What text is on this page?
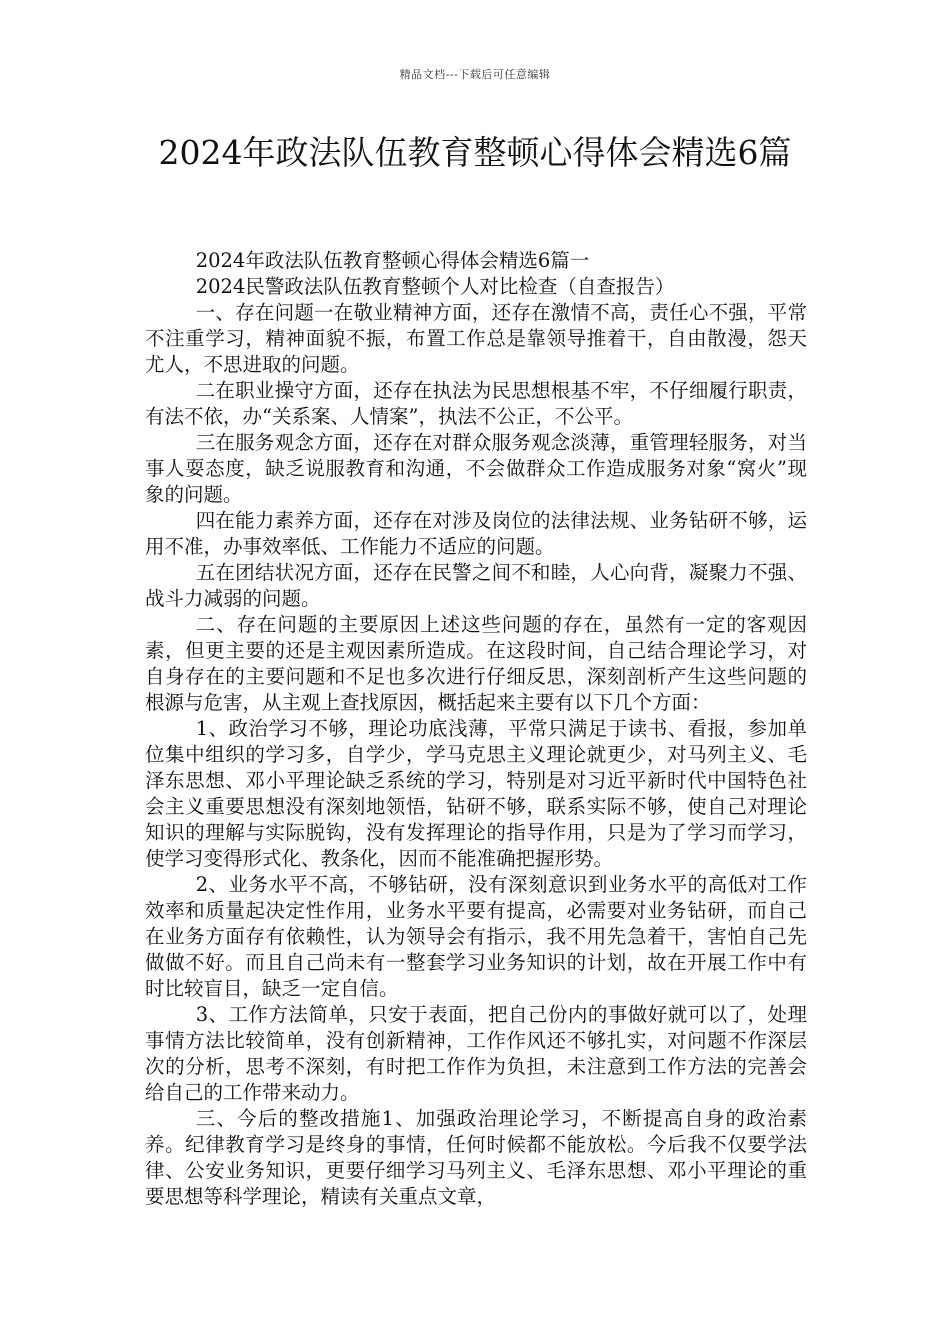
精品文档---下载后可任意编辑
2024年政法队伍教育整顿心得体会精选6篇

2024年政法队伍教育整顿心得体会精选6篇一

2024民警政法队伍教育整顿个人对比检查（自查报告）

一、存在问题一在敬业精神方面，还存在激情不高，责任心不强，平常不注重学习，精神面貌不振，布置工作总是靠领导推着干，自由散漫，怨天尤人，不思进取的问题。

二在职业操守方面，还存在执法为民思想根基不牢，不仔细履行职责，有法不依，办“关系案、人情案”，执法不公正，不公平。

三在服务观念方面，还存在对群众服务观念淡薄，重管理轻服务，对当事人耍态度，缺乏说服教育和沟通，不会做群众工作造成服务对象“窝火”现象的问题。

四在能力素养方面，还存在对涉及岗位的法律法规、业务钻研不够，运用不准，办事效率低、工作能力不适应的问题。

五在团结状况方面，还存在民警之间不和睦，人心向背，凝聚力不强、战斗力减弱的问题。

二、存在问题的主要原因上述这些问题的存在，虽然有一定的客观因素，但更主要的还是主观因素所造成。在这段时间，自己结合理论学习，对自身存在的主要问题和不足也多次进行仔细反思，深刻剖析产生这些问题的根源与危害，从主观上查找原因，概括起来主要有以下几个方面：

1、政治学习不够，理论功底浅薄，平常只满足于读书、看报，参加单位集中组织的学习多，自学少，学马克思主义理论就更少，对马列主义、毛泽东思想、邓小平理论缺乏系统的学习，特别是对习近平新时代中国特色社会主义重要思想没有深刻地领悟，钻研不够，联系实际不够，使自己对理论知识的理解与实际脱钩，没有发挥理论的指导作用，只是为了学习而学习，使学习变得形式化、教条化，因而不能准确把握形势。

2、业务水平不高，不够钻研，没有深刻意识到业务水平的高低对工作效率和质量起决定性作用，业务水平要有提高，必需要对业务钻研，而自己在业务方面存有依赖性，认为领导会有指示，我不用先急着干，害怕自己先做做不好。而且自己尚未有一整套学习业务知识的计划，故在开展工作中有时比较盲目，缺乏一定自信。

3、工作方法简单，只安于表面，把自己份内的事做好就可以了，处理事情方法比较简单，没有创新精神，工作作风还不够扎实，对问题不作深层次的分析，思考不深刻，有时把工作作为负担，未注意到工作方法的完善会给自己的工作带来动力。

三、今后的整改措施1、加强政治理论学习，不断提高自身的政治素养。纪律教育学习是终身的事情，任何时候都不能放松。今后我不仅要学法律、公安业务知识，更要仔细学习马列主义、毛泽东思想、邓小平理论的重要思想等科学理论，精读有关重点文章，
